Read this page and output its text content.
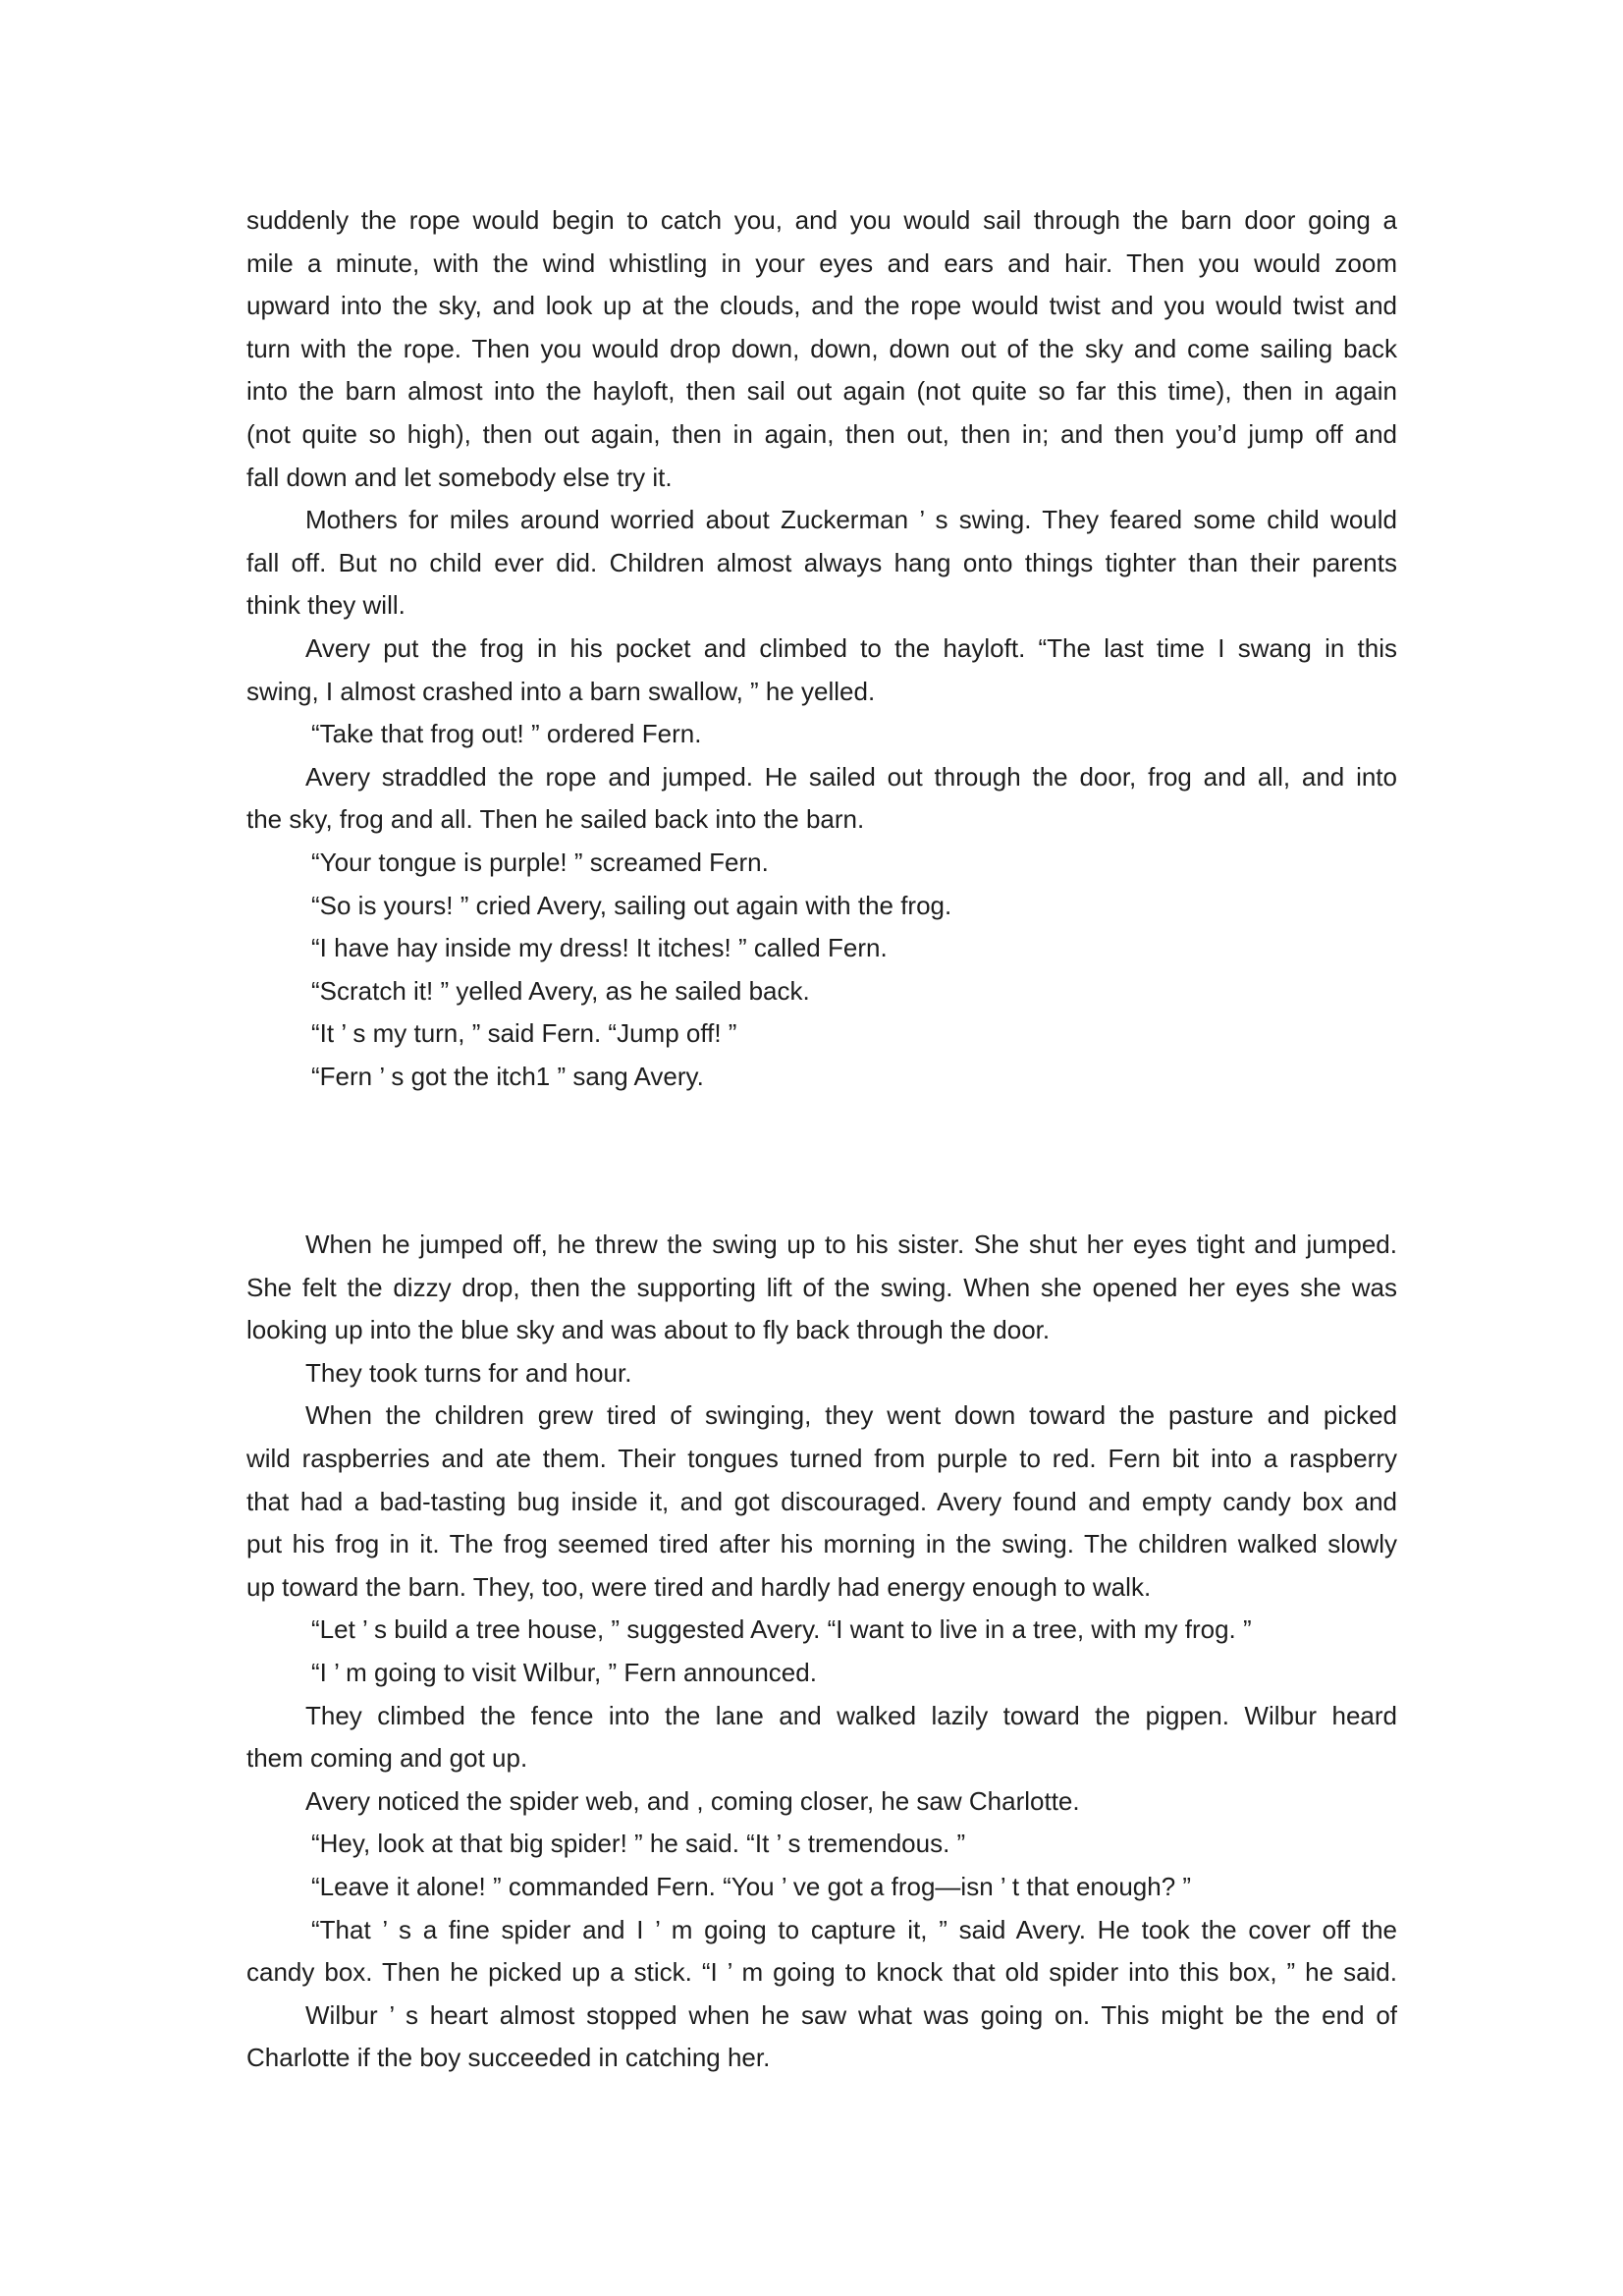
suddenly the rope would begin to catch you, and you would sail through the barn door going a
mile a minute, with the wind whistling in your eyes and ears and hair. Then you would zoom
upward into the sky, and look up at the clouds, and the rope would twist and you would twist and
turn with the rope. Then you would drop down, down, down out of the sky and come sailing back
into the barn almost into the hayloft, then sail out again (not quite so far this time), then in again
(not quite so high), then out again, then in again, then out, then in; and then you’d jump off and
fall down and let somebody else try it.
Mothers for miles around worried about Zuckerman ’ s swing. They feared some child would
fall off. But no child ever did. Children almost always hang onto things tighter than their parents
think they will.
Avery put the frog in his pocket and climbed to the hayloft. “The last time I swang in this
swing, I almost crashed into a barn swallow, ” he yelled.
“Take that frog out! ” ordered Fern.
Avery straddled the rope and jumped. He sailed out through the door, frog and all, and into
the sky, frog and all. Then he sailed back into the barn.
“Your tongue is purple! ” screamed Fern.
“So is yours! ” cried Avery, sailing out again with the frog.
“I have hay inside my dress! It itches! ” called Fern.
“Scratch it! ” yelled Avery, as he sailed back.
“It ’ s my turn, ” said Fern. “Jump off! ”
“Fern ’ s got the itch1 ” sang Avery.
When he jumped off, he threw the swing up to his sister. She shut her eyes tight and jumped.
She felt the dizzy drop, then the supporting lift of the swing. When she opened her eyes she was
looking up into the blue sky and was about to fly back through the door.
They took turns for and hour.
When the children grew tired of swinging, they went down toward the pasture and picked
wild raspberries and ate them. Their tongues turned from purple to red. Fern bit into a raspberry
that had a bad-tasting bug inside it, and got discouraged. Avery found and empty candy box and
put his frog in it. The frog seemed tired after his morning in the swing. The children walked slowly
up toward the barn. They, too, were tired and hardly had energy enough to walk.
“Let ’ s build a tree house, ” suggested Avery. “I want to live in a tree, with my frog. ”
“I ’ m going to visit Wilbur, ” Fern announced.
They climbed the fence into the lane and walked lazily toward the pigpen. Wilbur heard
them coming and got up.
Avery noticed the spider web, and , coming closer, he saw Charlotte.
“Hey, look at that big spider! ” he said. “It ’ s tremendous. ”
“Leave it alone! ” commanded Fern. “You ’ ve got a frog—isn ’ t that enough? ”
“That ’ s a fine spider and I ’ m going to capture it, ” said Avery. He took the cover off the
candy box. Then he picked up a stick. “I ’ m going to knock that old spider into this box, ” he said.
Wilbur ’ s heart almost stopped when he saw what was going on. This might be the end of
Charlotte if the boy succeeded in catching her.
